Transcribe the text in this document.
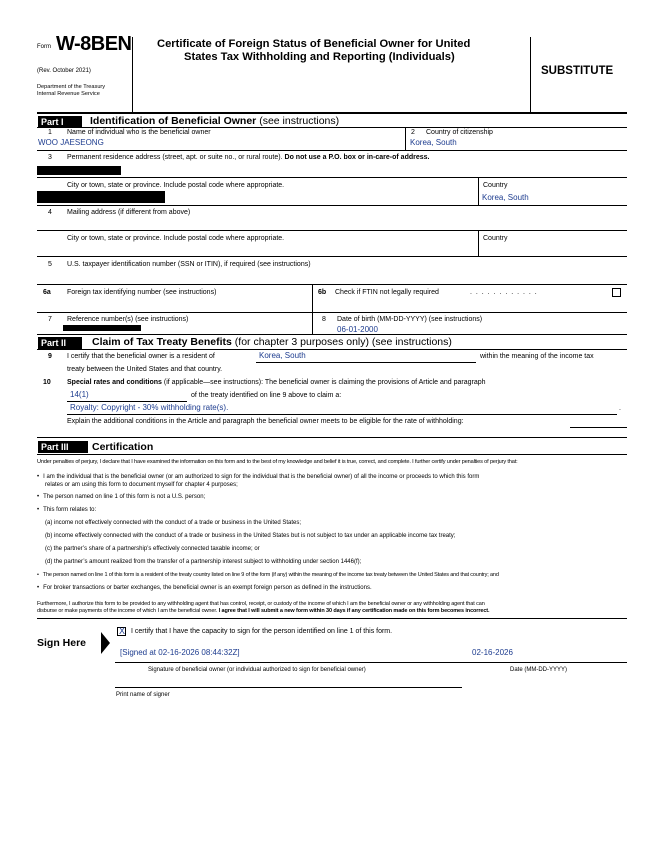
Form W-8BEN
(Rev. October 2021)
Department of the Treasury
Internal Revenue Service
Certificate of Foreign Status of Beneficial Owner for United
States Tax Withholding and Reporting (Individuals)
SUBSTITUTE
Part I	Identification of Beneficial Owner (see instructions)
1 Name of individual who is the beneficial owner
WOO JAESEONG
2 Country of citizenship
Korea, South
3 Permanent residence address (street, apt. or suite no., or rural route). Do not use a P.O. box or in-care-of address.
City or town, state or province. Include postal code where appropriate.	Country
Korea, South
4 Mailing address (if different from above)
City or town, state or province. Include postal code where appropriate.	Country
5 U.S. taxpayer identification number (SSN or ITIN), if required (see instructions)
6a Foreign tax identifying number (see instructions)	6b Check if FTIN not legally required	. . . . . . . . . . . .
7 Reference number(s) (see instructions)	8 Date of birth (MM-DD-YYYY) (see instructions)
06-01-2000
Part II	Claim of Tax Treaty Benefits (for chapter 3 purposes only) (see instructions)
9 I certify that the beneficial owner is a resident of	Korea, South	within the meaning of the income tax
treaty between the United States and that country.
10 Special rates and conditions (if applicable—see instructions): The beneficial owner is claiming the provisions of Article and paragraph
14(1)	of the treaty identified on line 9 above to claim a:
Royalty: Copyright - 30% withholding rate(s).	.
Explain the additional conditions in the Article and paragraph the beneficial owner meets to be eligible for the rate of withholding:
Part III	Certification
Under penalties of perjury, I declare that I have examined the information on this form and to the best of my knowledge and belief it is true, correct, and complete. I further certify under penalties of perjury that:
• I am the individual that is the beneficial owner (or am authorized to sign for the individual that is the beneficial owner) of all the income or proceeds to which this form
relates or am using this form to document myself for chapter 4 purposes;
• The person named on line 1 of this form is not a U.S. person;
• This form relates to:
(a) income not effectively connected with the conduct of a trade or business in the United States;
(b) income effectively connected with the conduct of a trade or business in the United States but is not subject to tax under an applicable income tax treaty;
(c) the partner’s share of a partnership’s effectively connected taxable income; or
(d) the partner’s amount realized from the transfer of a partnership interest subject to withholding under section 1446(f);
• The person named on line 1 of this form is a resident of the treaty country listed on line 9 of the form (if any) within the meaning of the income tax treaty between the United States and that country; and
• For broker transactions or barter exchanges, the beneficial owner is an exempt foreign person as defined in the instructions.
Furthermore, I authorize this form to be provided to any withholding agent that has control, receipt, or custody of the income of which I am the beneficial owner or any withholding agent that can
disburse or make payments of the income of which I am the beneficial owner. I agree that I will submit a new form within 30 days if any certification made on this form becomes incorrect.
Sign Here
X I certify that I have the capacity to sign for the person identified on line 1 of this form.
[Signed at 02-16-2026 08:44:32Z]	02-16-2026
Signature of beneficial owner (or individual authorized to sign for beneficial owner)	Date (MM-DD-YYYY)
Print name of signer
